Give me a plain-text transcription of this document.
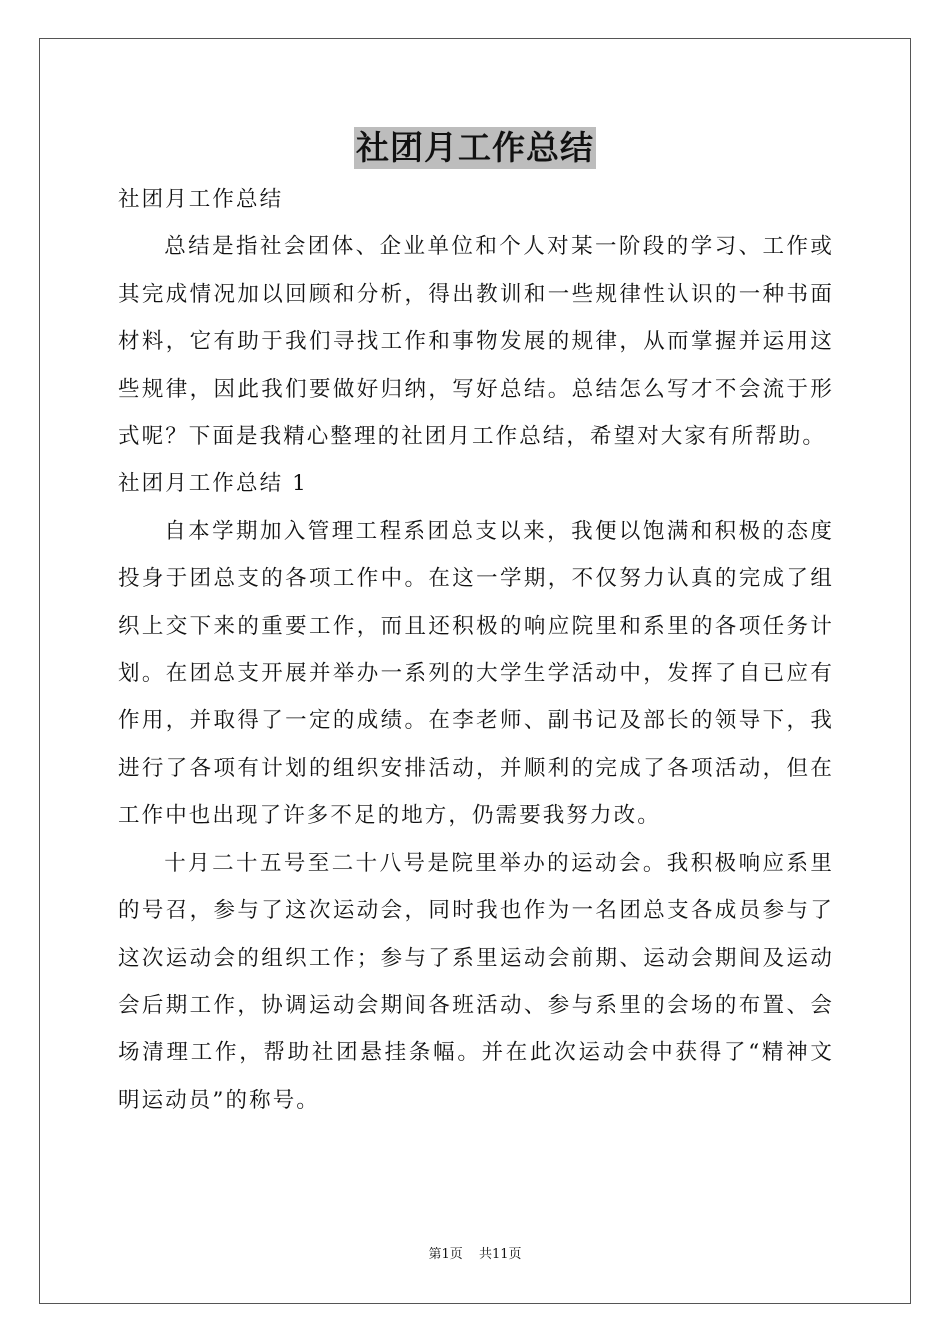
社团月工作总结

社团月工作总结

总结是指社会团体、企业单位和个人对某一阶段的学习、工作或其完成情况加以回顾和分析，得出教训和一些规律性认识的一种书面材料，它有助于我们寻找工作和事物发展的规律，从而掌握并运用这些规律，因此我们要做好归纳，写好总结。总结怎么写才不会流于形式呢？下面是我精心整理的社团月工作总结，希望对大家有所帮助。

社团月工作总结 1

自本学期加入管理工程系团总支以来，我便以饱满和积极的态度投身于团总支的各项工作中。在这一学期，不仅努力认真的完成了组织上交下来的重要工作，而且还积极的响应院里和系里的各项任务计划。在团总支开展并举办一系列的大学生学活动中，发挥了自已应有作用，并取得了一定的成绩。在李老师、副书记及部长的领导下，我进行了各项有计划的组织安排活动，并顺利的完成了各项活动，但在工作中也出现了许多不足的地方，仍需要我努力改。

十月二十五号至二十八号是院里举办的运动会。我积极响应系里的号召，参与了这次运动会，同时我也作为一名团总支各成员参与了这次运动会的组织工作；参与了系里运动会前期、运动会期间及运动会后期工作，协调运动会期间各班活动、参与系里的会场的布置、会场清理工作，帮助社团悬挂条幅。并在此次运动会中获得了“精神文明运动员”的称号。

第1页 共11页
